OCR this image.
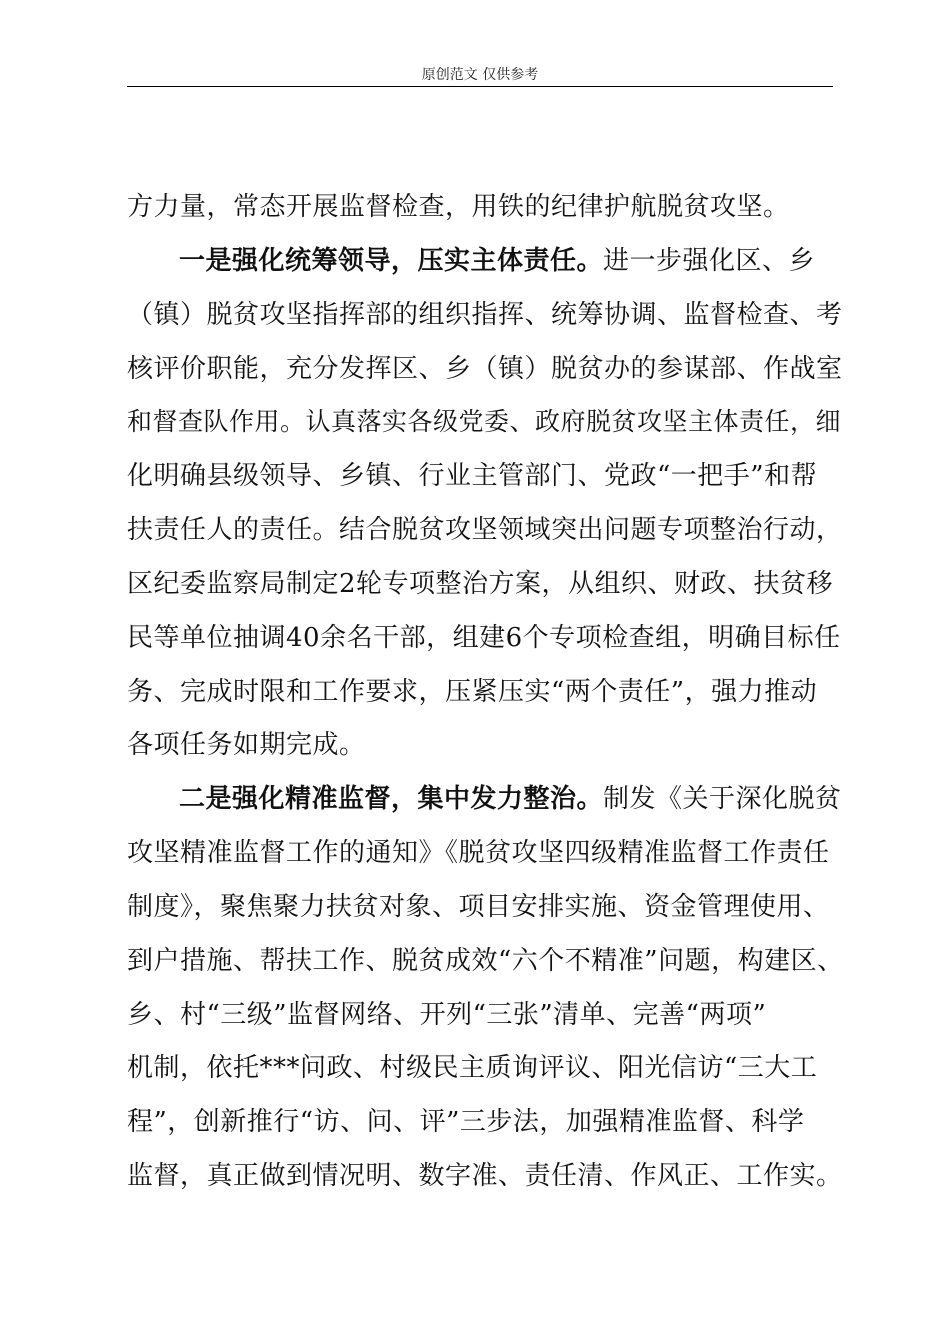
原创范文 仅供参考
方力量，常态开展监督检查，用铁的纪律护航脱贫攻坚。
一是强化统筹领导，压实主体责任。进一步强化区、乡
（镇）脱贫攻坚指挥部的组织指挥、统筹协调、监督检查、考
核评价职能，充分发挥区、乡（镇）脱贫办的参谋部、作战室
和督查队作用。认真落实各级党委、政府脱贫攻坚主体责任，细
化明确县级领导、乡镇、行业主管部门、党政“一把手”和帮
扶责任人的责任。结合脱贫攻坚领域突出问题专项整治行动，
区纪委监察局制定2轮专项整治方案，从组织、财政、扶贫移
民等单位抽调40余名干部，组建6个专项检查组，明确目标任
务、完成时限和工作要求，压紧压实“两个责任”，强力推动
各项任务如期完成。
二是强化精准监督，集中发力整治。制发《关于深化脱贫
攻坚精准监督工作的通知》《脱贫攻坚四级精准监督工作责任
制度》，聚焦聚力扶贫对象、项目安排实施、资金管理使用、
到户措施、帮扶工作、脱贫成效“六个不精准”问题，构建区、
乡、村“三级”监督网络、开列“三张”清单、完善“两项”
机制，依托***问政、村级民主质询评议、阳光信访“三大工
程”，创新推行“访、问、评”三步法，加强精准监督、科学
监督，真正做到情况明、数字准、责任清、作风正、工作实。
